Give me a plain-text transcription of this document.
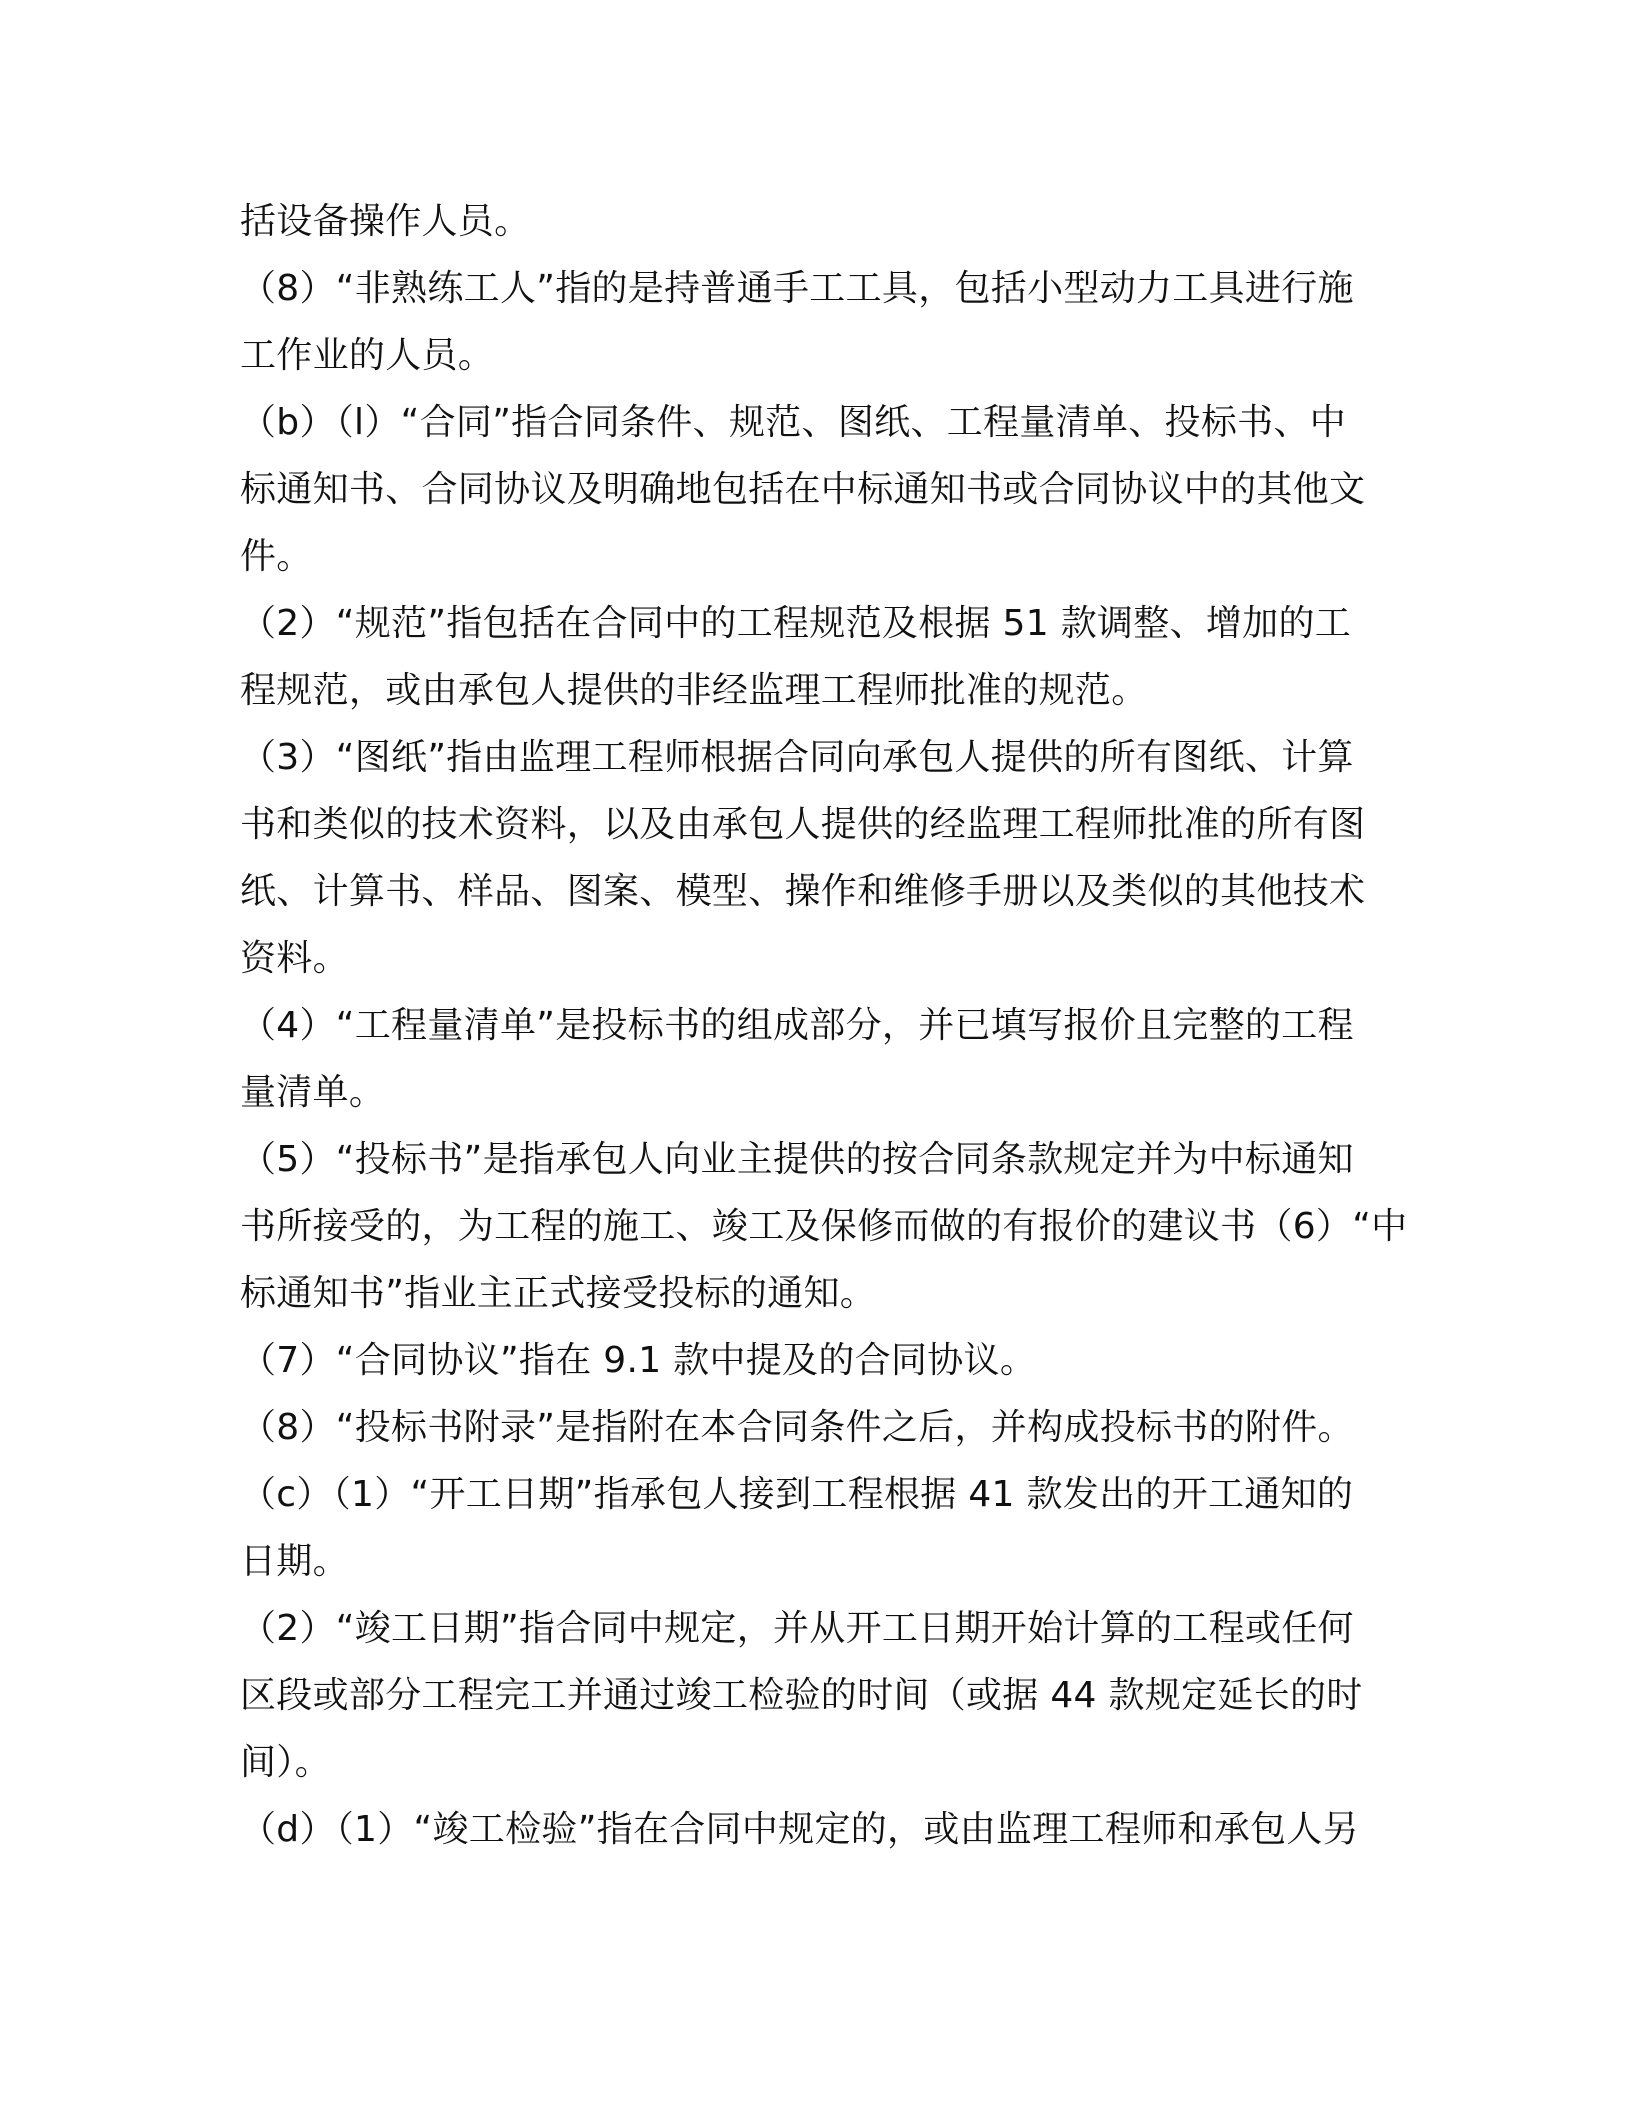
括设备操作人员。
（8）“非熟练工人”指的是持普通手工工具，包括小型动力工具进行施
工作业的人员。
（b）（l）“合同”指合同条件、规范、图纸、工程量清单、投标书、中
标通知书、合同协议及明确地包括在中标通知书或合同协议中的其他文
件。
（2）“规范”指包括在合同中的工程规范及根据 51 款调整、增加的工
程规范，或由承包人提供的非经监理工程师批准的规范。
（3）“图纸”指由监理工程师根据合同向承包人提供的所有图纸、计算
书和类似的技术资料，以及由承包人提供的经监理工程师批准的所有图
纸、计算书、样品、图案、模型、操作和维修手册以及类似的其他技术
资料。
（4）“工程量清单”是投标书的组成部分，并已填写报价且完整的工程
量清单。
（5）“投标书”是指承包人向业主提供的按合同条款规定并为中标通知
书所接受的，为工程的施工、竣工及保修而做的有报价的建议书（6）“中
标通知书”指业主正式接受投标的通知。
（7）“合同协议”指在 9.1 款中提及的合同协议。
（8）“投标书附录”是指附在本合同条件之后，并构成投标书的附件。
（c）（1）“开工日期”指承包人接到工程根据 41 款发出的开工通知的
日期。
（2）“竣工日期”指合同中规定，并从开工日期开始计算的工程或任何
区段或部分工程完工并通过竣工检验的时间（或据 44 款规定延长的时
间）。
（d）（1）“竣工检验”指在合同中规定的，或由监理工程师和承包人另
